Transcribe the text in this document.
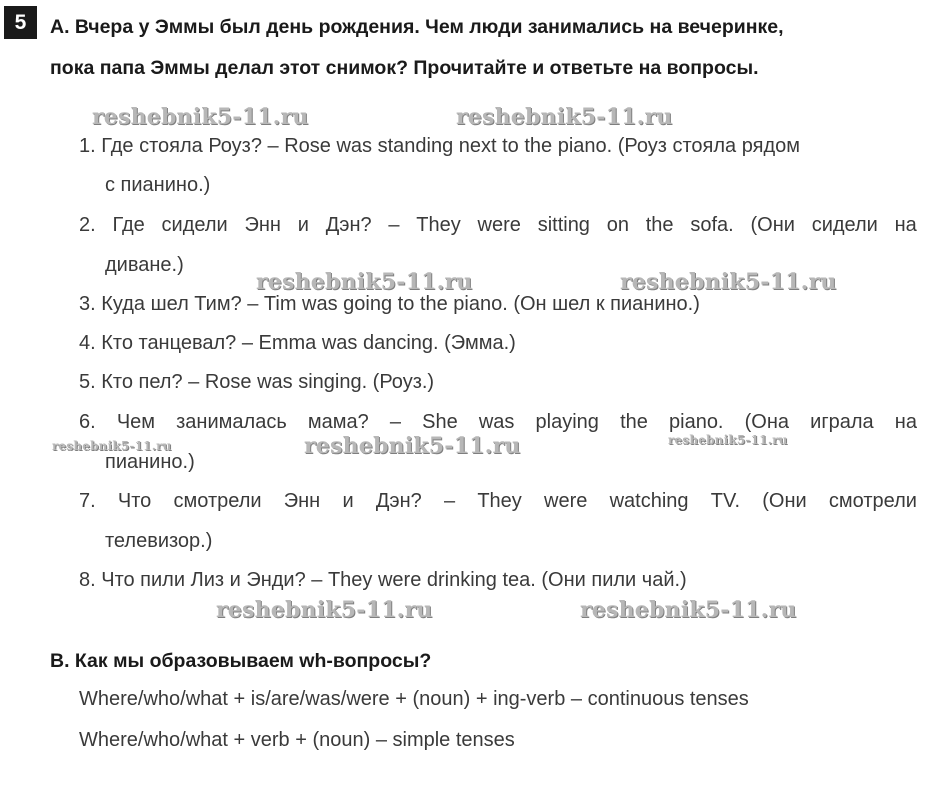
5	A. Вчера у Эммы был день рождения. Чем люди занимались на вечеринке,
пока папа Эммы делал этот снимок? Прочитайте и ответьте на вопросы.
reshebnik5-11.ru	reshebnik5-11.ru
reshebnik5-11.ru	reshebnik5-11.ru
reshebnik5-11.ru	reshebnik5-11.ru	reshebnik5-11.ru
reshebnik5-11.ru	reshebnik5-11.ru
1. Где стояла Роуз? – Rose was standing next to the piano. (Роуз стояла рядом
с пианино.)
2. Где сидели Энн и Дэн? – They were sitting on the sofa. (Они сидели на
диване.)
3. Куда шел Тим? – Tim was going to the piano. (Он шел к пианино.)
4. Кто танцевал? – Emma was dancing. (Эмма.)
5. Кто пел? – Rose was singing. (Роуз.)
6. Чем занималась мама? – She was playing the piano. (Она играла на
пианино.)
7. Что смотрели Энн и Дэн? – They were watching TV. (Они смотрели
телевизор.)
8. Что пили Лиз и Энди? – They were drinking tea. (Они пили чай.)
B. Как мы образовываем wh-вопросы?
Where/who/what + is/are/was/were + (noun) + ing-verb – continuous tenses
Where/who/what + verb + (noun) – simple tenses
